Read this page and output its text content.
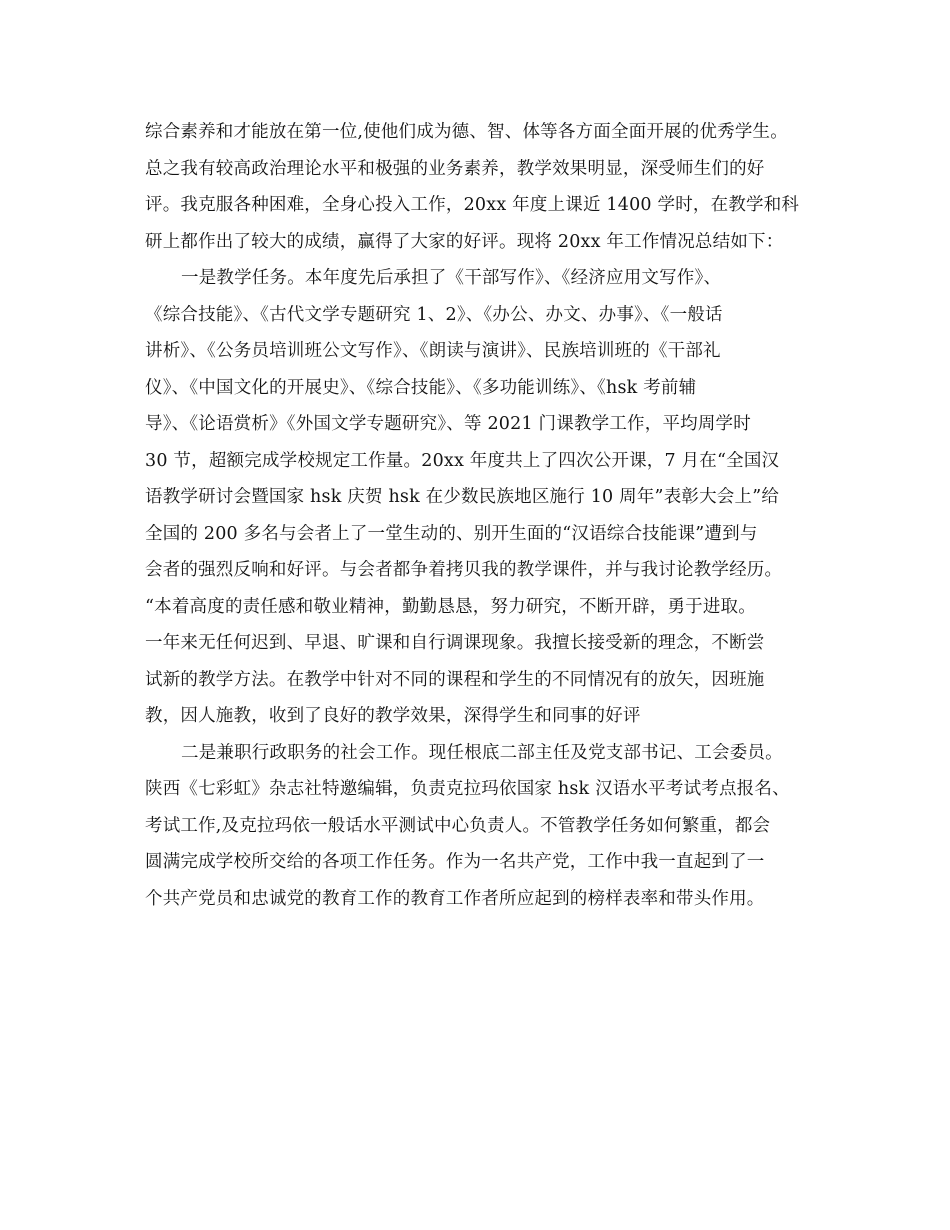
综合素养和才能放在第一位,使他们成为德、智、体等各方面全面开展的优秀学生。
总之我有较高政治理论水平和极强的业务素养，教学效果明显，深受师生们的好
评。我克服各种困难，全身心投入工作，20xx 年度上课近 1400 学时，在教学和科
研上都作出了较大的成绩，赢得了大家的好评。现将 20xx 年工作情况总结如下：
一是教学任务。本年度先后承担了《干部写作》、《经济应用文写作》、
《综合技能》、《古代文学专题研究 1、2》、《办公、办文、办事》、《一般话
讲析》、《公务员培训班公文写作》、《朗读与演讲》、民族培训班的《干部礼
仪》、《中国文化的开展史》、《综合技能》、《多功能训练》、《hsk 考前辅
导》、《论语赏析》《外国文学专题研究》、等 2021 门课教学工作，平均周学时
30 节，超额完成学校规定工作量。20xx 年度共上了四次公开课，7 月在“全国汉
语教学研讨会暨国家 hsk 庆贺 hsk 在少数民族地区施行 10 周年”表彰大会上”给
全国的 200 多名与会者上了一堂生动的、别开生面的“汉语综合技能课”遭到与
会者的强烈反响和好评。与会者都争着拷贝我的教学课件，并与我讨论教学经历。
“本着高度的责任感和敬业精神，勤勤恳恳，努力研究，不断开辟，勇于进取。
一年来无任何迟到、早退、旷课和自行调课现象。我擅长接受新的理念，不断尝
试新的教学方法。在教学中针对不同的课程和学生的不同情况有的放矢，因班施
教，因人施教，收到了良好的教学效果，深得学生和同事的好评
二是兼职行政职务的社会工作。现任根底二部主任及党支部书记、工会委员。
陕西《七彩虹》杂志社特邀编辑，负责克拉玛依国家 hsk 汉语水平考试考点报名、
考试工作,及克拉玛依一般话水平测试中心负责人。不管教学任务如何繁重，都会
圆满完成学校所交给的各项工作任务。作为一名共产党，工作中我一直起到了一
个共产党员和忠诚党的教育工作的教育工作者所应起到的榜样表率和带头作用。
